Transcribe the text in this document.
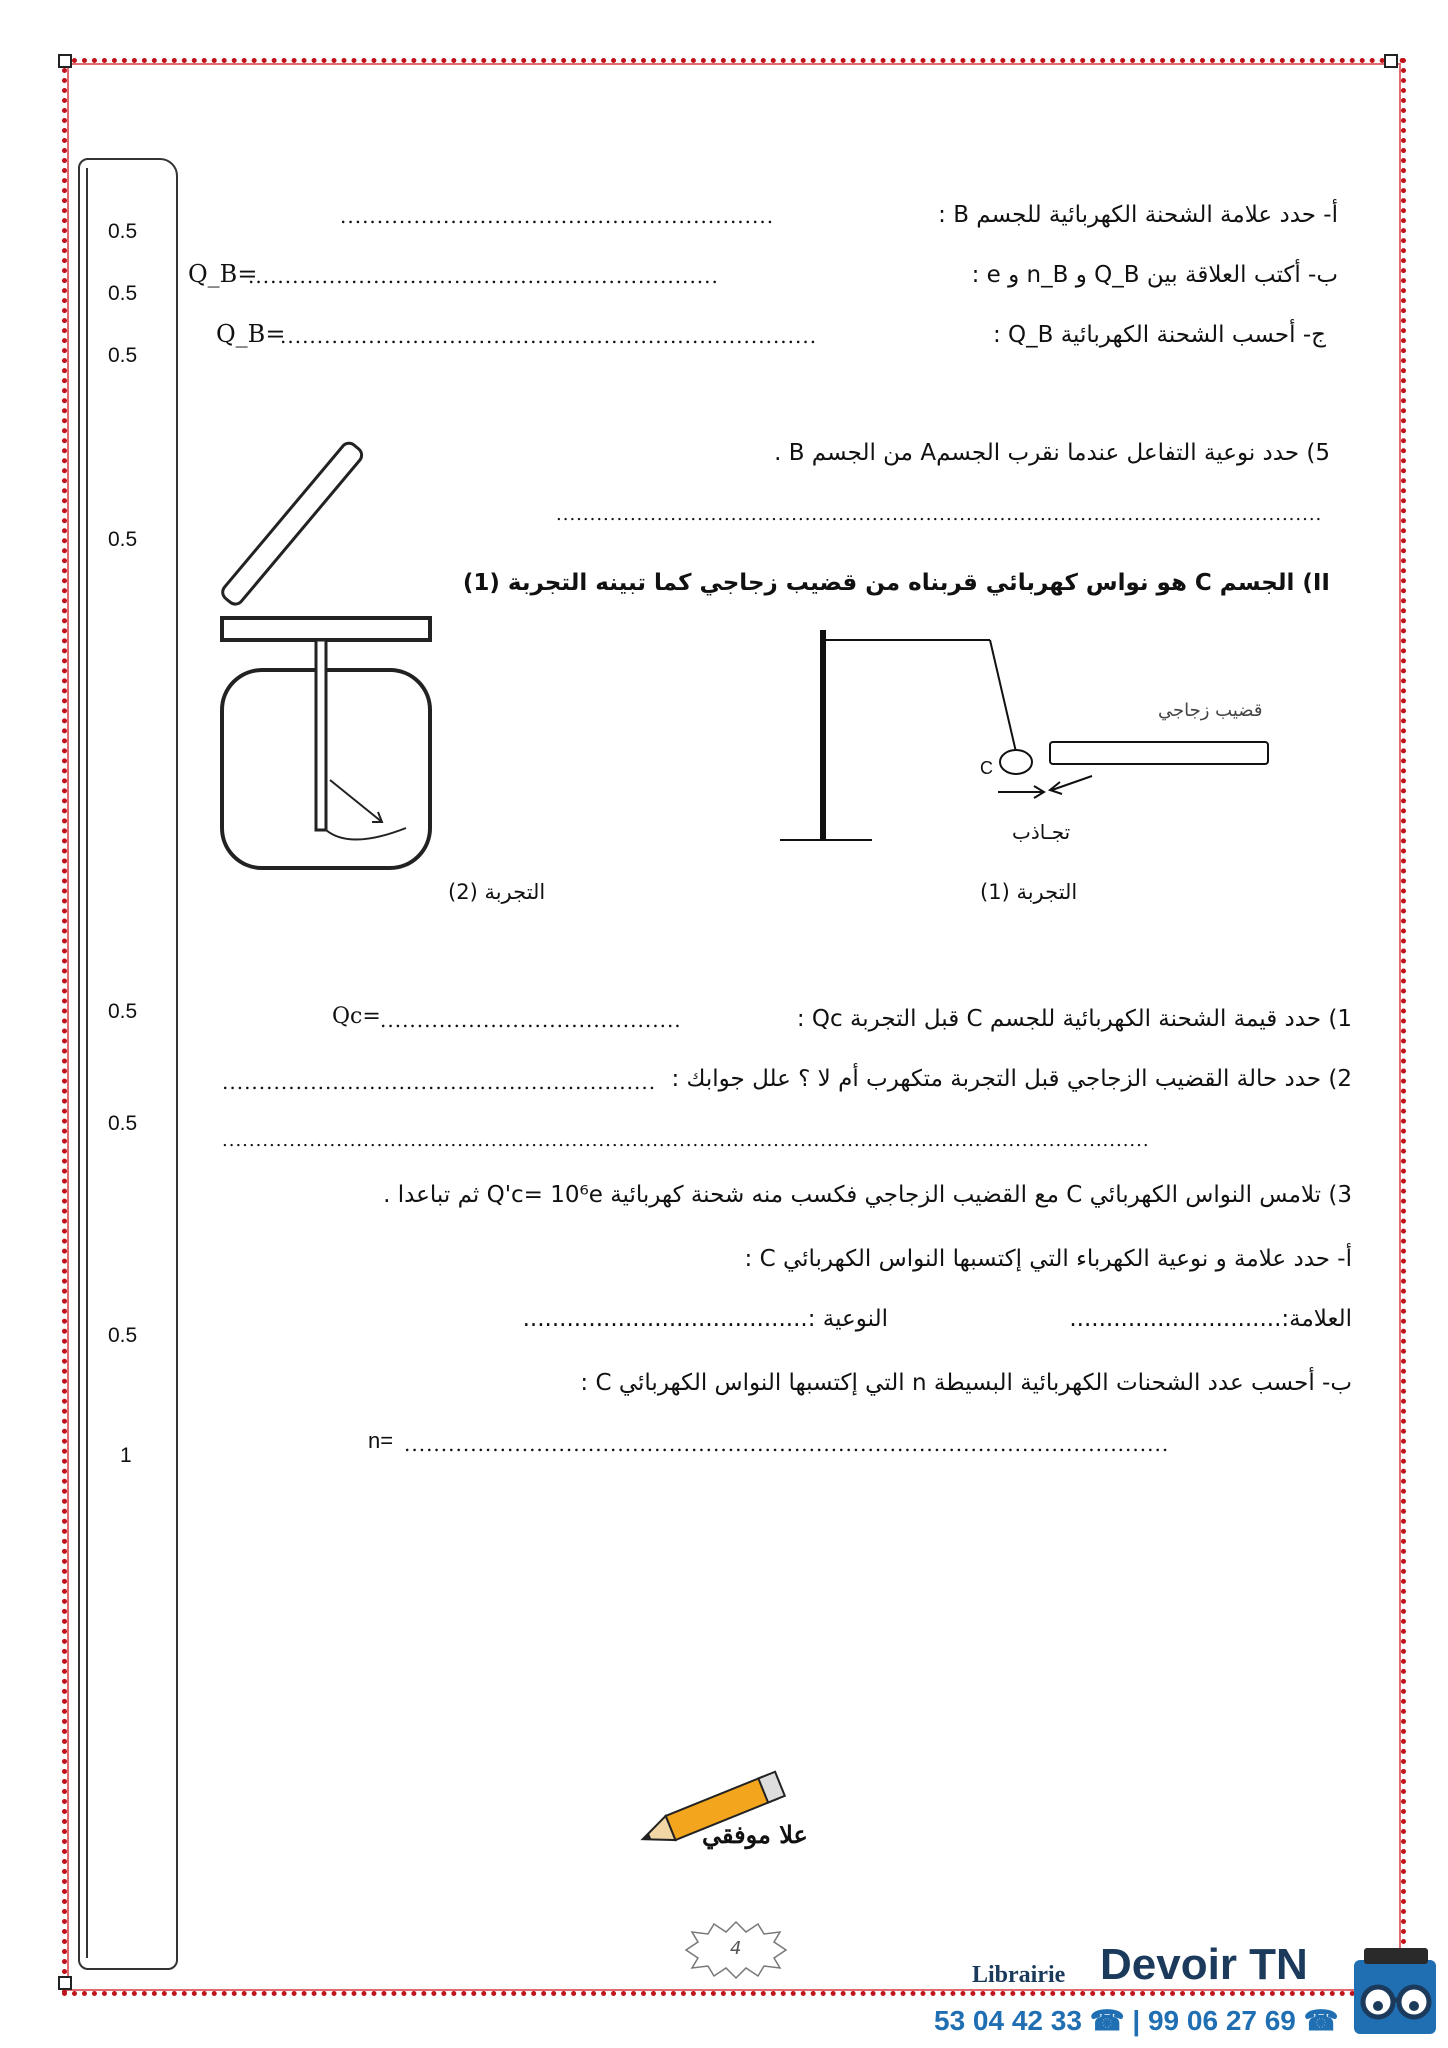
0.5
0.5
0.5
0.5
0.5
0.5
0.5
1
أ- حدد علامة الشحنة الكهربائية للجسم B :
...........................................................
ب- أكتب العلاقة بين Q_B و n_B و e :
................................................................
Q_B=
ج- أحسب الشحنة الكهربائية Q_B :
.........................................................................
Q_B=
5) حدد نوعية التفاعل عندما نقرب الجسمA من الجسم B .
..................................................................................................................
II) الجسم C هو نواس كهربائي قربناه من قضيب زجاجي كما تبينه التجربة (1)
التجربة (2)
قضيب زجاجي
C
تجـاذب
التجربة (1)
1) حدد قيمة الشحنة الكهربائية للجسم C قبل التجربة Qc :
.........................................
Qc=
2) حدد حالة القضيب الزجاجي قبل التجربة متكهرب أم لا ؟ علل جوابك :
...........................................................
..........................................................................................................................................
3) تلامس النواس الكهربائي C مع القضيب الزجاجي فكسب منه شحنة كهربائية Q'c= 10⁶e ثم تباعدا .
أ- حدد علامة و نوعية الكهرباء التي إكتسبها النواس الكهربائي C :
العلامة:.............................
النوعية :.......................................
ب- أحسب عدد الشحنات الكهربائية البسيطة n التي إكتسبها النواس الكهربائي C :
n= ........................................................................................................
علا موفقي
4
Librairie Devoir TN
53 04 42 33 ☎ | 99 06 27 69 ☎
